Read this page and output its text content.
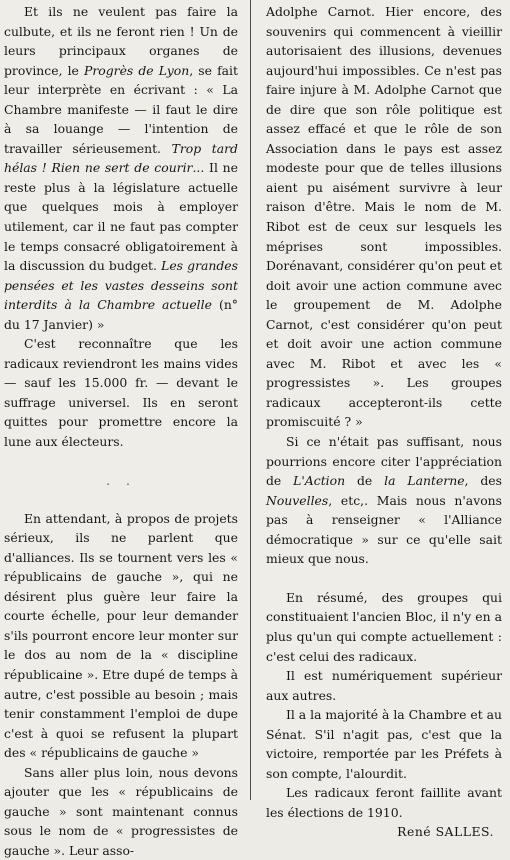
Et ils ne veulent pas faire la culbute, et ils ne feront rien ! Un de leurs principaux organes de province, le Progrès de Lyon, se fait leur interprète en écrivant : « La Chambre manifeste — il faut le dire à sa louange — l'intention de travailler sérieusement. Trop tard hélas ! Rien ne sert de courir... Il ne reste plus à la législature actuelle que quelques mois à employer utilement, car il ne faut pas compter le temps consacré obligatoirement à la discussion du budget. Les grandes pensées et les vastes desseins sont interdits à la Chambre actuelle (n° du 17 Janvier) »

C'est reconnaître que les radicaux reviendront les mains vides — sauf les 15.000 fr. — devant le suffrage universel. Ils en seront quittes pour promettre encore la lune aux électeurs.

. .

En attendant, à propos de projets sérieux, ils ne parlent que d'alliances. Ils se tournent vers les « républicains de gauche », qui ne désirent plus guère leur faire la courte échelle, pour leur demander s'ils pourront encore leur monter sur le dos au nom de la « discipline républicaine ». Etre dupé de temps à autre, c'est possible au besoin ; mais tenir constamment l'emploi de dupe c'est à quoi se refusent la plupart des « républicains de gauche »

Sans aller plus loin, nous devons ajouter que les « républicains de gauche » sont maintenant connus sous le nom de « progressistes de gauche ». Leur asso-

Adolphe Carnot. Hier encore, des souvenirs qui commencent à vieillir autorisaient des illusions, devenues aujourd'hui impossibles. Ce n'est pas faire injure à M. Adolphe Carnot que de dire que son rôle politique est assez effacé et que le rôle de son Association dans le pays est assez modeste pour que de telles illusions aient pu aisément survivre à leur raison d'être. Mais le nom de M. Ribot est de ceux sur lesquels les méprises sont impossibles. Dorénavant, considérer qu'on peut et doit avoir une action commune avec le groupement de M. Adolphe Carnot, c'est considérer qu'on peut et doit avoir une action commune avec M. Ribot et avec les « progressistes ». Les groupes radicaux accepteront-ils cette promiscuité ? »

Si ce n'était pas suffisant, nous pourrions encore citer l'appréciation de L'Action de la Lanterne, des Nouvelles, etc,. Mais nous n'avons pas à renseigner « l'Alliance démocratique » sur ce qu'elle sait mieux que nous.

En résumé, des groupes qui constituaient l'ancien Bloc, il n'y en a plus qu'un qui compte actuellement : c'est celui des radicaux.

Il est numériquement supérieur aux autres.

Il a la majorité à la Chambre et au Sénat. S'il n'agit pas, c'est que la victoire, remportée par les Préfets à son compte, l'alourdit.

Les radicaux feront faillite avant les élections de 1910.

René SALLES.
